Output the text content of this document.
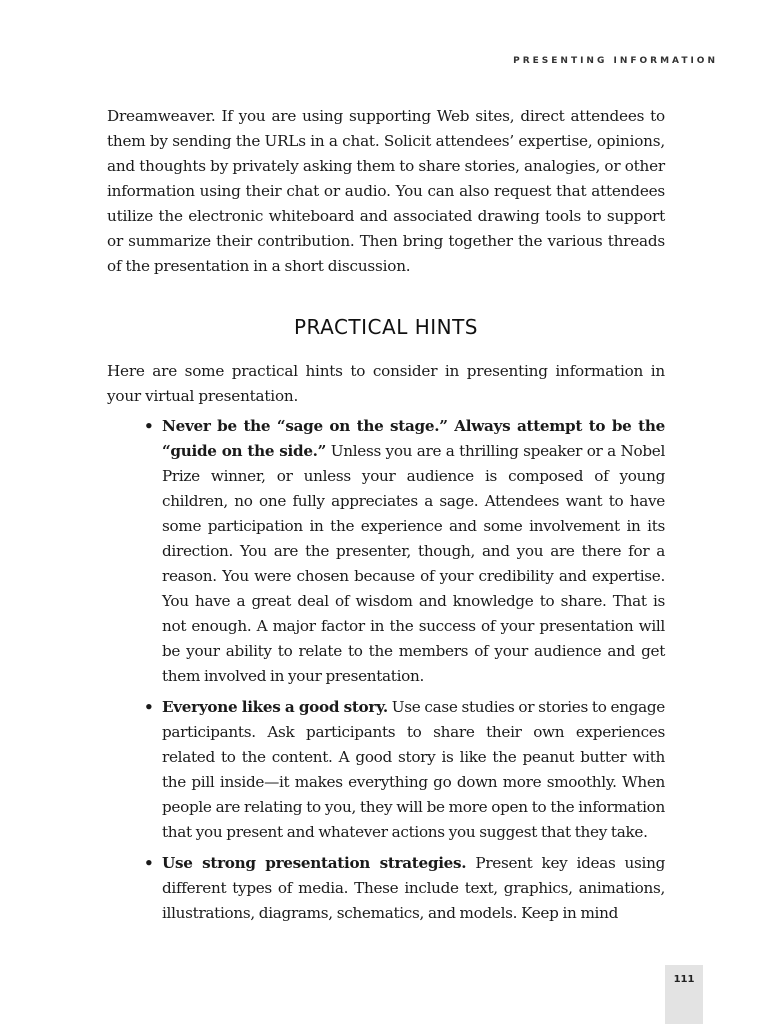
PRESENTING INFORMATION

Dreamweaver. If you are using supporting Web sites, direct attendees to them by sending the URLs in a chat. Solicit attendees’ expertise, opinions, and thoughts by privately asking them to share stories, analogies, or other information using their chat or audio. You can also request that attendees utilize the electronic whiteboard and associated drawing tools to support or summarize their contribution. Then bring together the various threads of the presentation in a short discussion.

PRACTICAL HINTS

Here are some practical hints to consider in presenting information in your virtual presentation.

• Never be the “sage on the stage.” Always attempt to be the “guide on the side.” Unless you are a thrilling speaker or a Nobel Prize winner, or unless your audience is composed of young children, no one fully appreciates a sage. Attendees want to have some participation in the experience and some involvement in its direction. You are the presenter, though, and you are there for a reason. You were chosen because of your credibility and expertise. You have a great deal of wisdom and knowledge to share. That is not enough. A major factor in the success of your presentation will be your ability to relate to the members of your audience and get them involved in your presentation.
• Everyone likes a good story. Use case studies or stories to engage participants. Ask participants to share their own experiences related to the content. A good story is like the peanut butter with the pill inside—it makes everything go down more smoothly. When people are relating to you, they will be more open to the information that you present and whatever actions you suggest that they take.
• Use strong presentation strategies. Present key ideas using different types of media. These include text, graphics, animations, illustrations, diagrams, schematics, and models. Keep in mind
111
